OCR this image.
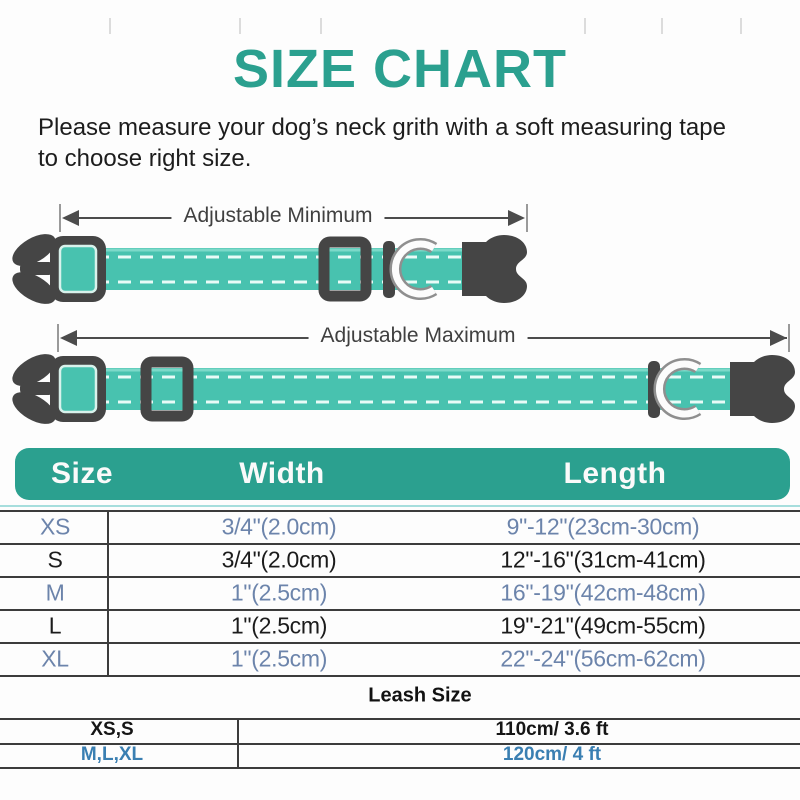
SIZE CHART
Please measure your dog’s neck grith with a soft measuring tape
to choose right size.
Adjustable Minimum
Adjustable Maximum
Size	Width	Length
XS	3/4"(2.0cm)	9"-12"(23cm-30cm)
S	3/4"(2.0cm)	12"-16"(31cm-41cm)
M	1"(2.5cm)	16"-19"(42cm-48cm)
L	1"(2.5cm)	19"-21"(49cm-55cm)
XL	1"(2.5cm)	22"-24"(56cm-62cm)
Leash Size
XS,S	110cm/ 3.6 ft
M,L,XL	120cm/ 4 ft
